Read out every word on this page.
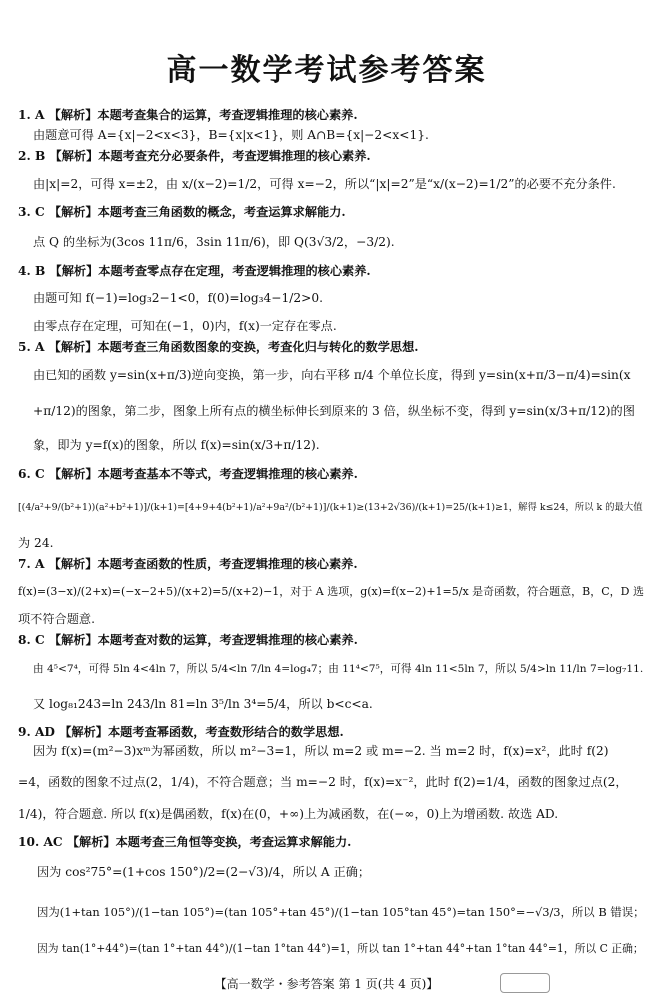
高一数学考试参考答案
1. A 【解析】本题考查集合的运算，考查逻辑推理的核心素养.
由题意可得 A={x|−2<x<3}，B={x|x<1}，则 A∩B={x|−2<x<1}.
2. B 【解析】本题考查充分必要条件，考查逻辑推理的核心素养.
由|x|=2，可得 x=±2，由 x/(x−2)=1/2，可得 x=−2，所以“|x|=2”是“x/(x−2)=1/2”的必要不充分条件.
3. C 【解析】本题考查三角函数的概念，考查运算求解能力.
点 Q 的坐标为(3cos 11π/6，3sin 11π/6)，即 Q(3√3/2，−3/2).
4. B 【解析】本题考查零点存在定理，考查逻辑推理的核心素养.
由题可知 f(−1)=log₃2−1<0，f(0)=log₃4−1/2>0.
由零点存在定理，可知在(−1，0)内，f(x)一定存在零点.
5. A 【解析】本题考查三角函数图象的变换，考查化归与转化的数学思想.
由已知的函数 y=sin(x+π/3)逆向变换，第一步，向右平移 π/4 个单位长度，得到 y=sin(x+π/3−π/4)=sin(x
+π/12)的图象，第二步，图象上所有点的横坐标伸长到原来的 3 倍，纵坐标不变，得到 y=sin(x/3+π/12)的图
象，即为 y=f(x)的图象，所以 f(x)=sin(x/3+π/12).
6. C 【解析】本题考查基本不等式，考查逻辑推理的核心素养.
[(4/a²+9/(b²+1))(a²+b²+1)]/(k+1)=[4+9+4(b²+1)/a²+9a²/(b²+1)]/(k+1)≥(13+2√36)/(k+1)=25/(k+1)≥1，解得 k≤24，所以 k 的最大值
为 24.
7. A 【解析】本题考查函数的性质，考查逻辑推理的核心素养.
f(x)=(3−x)/(2+x)=(−x−2+5)/(x+2)=5/(x+2)−1，对于 A 选项，g(x)=f(x−2)+1=5/x 是奇函数，符合题意，B，C，D 选
项不符合题意.
8. C 【解析】本题考查对数的运算，考查逻辑推理的核心素养.
由 4⁵<7⁴，可得 5ln 4<4ln 7，所以 5/4<ln 7/ln 4=log₄7；由 11⁴<7⁵，可得 4ln 11<5ln 7，所以 5/4>ln 11/ln 7=log₇11.
又 log₈₁243=ln 243/ln 81=ln 3⁵/ln 3⁴=5/4，所以 b<c<a.
9. AD 【解析】本题考查幂函数，考查数形结合的数学思想.
因为 f(x)=(m²−3)xᵐ为幂函数，所以 m²−3=1，所以 m=2 或 m=−2. 当 m=2 时，f(x)=x²，此时 f(2)
=4，函数的图象不过点(2，1/4)，不符合题意；当 m=−2 时，f(x)=x⁻²，此时 f(2)=1/4，函数的图象过点(2，
1/4)，符合题意. 所以 f(x)是偶函数，f(x)在(0，+∞)上为减函数，在(−∞，0)上为增函数. 故选 AD.
10. AC 【解析】本题考查三角恒等变换，考查运算求解能力.
因为 cos²75°=(1+cos 150°)/2=(2−√3)/4，所以 A 正确；
因为(1+tan 105°)/(1−tan 105°)=(tan 105°+tan 45°)/(1−tan 105°tan 45°)=tan 150°=−√3/3，所以 B 错误；
因为 tan(1°+44°)=(tan 1°+tan 44°)/(1−tan 1°tan 44°)=1，所以 tan 1°+tan 44°+tan 1°tan 44°=1，所以 C 正确；
【高一数学・参考答案 第 1 页(共 4 页)】
